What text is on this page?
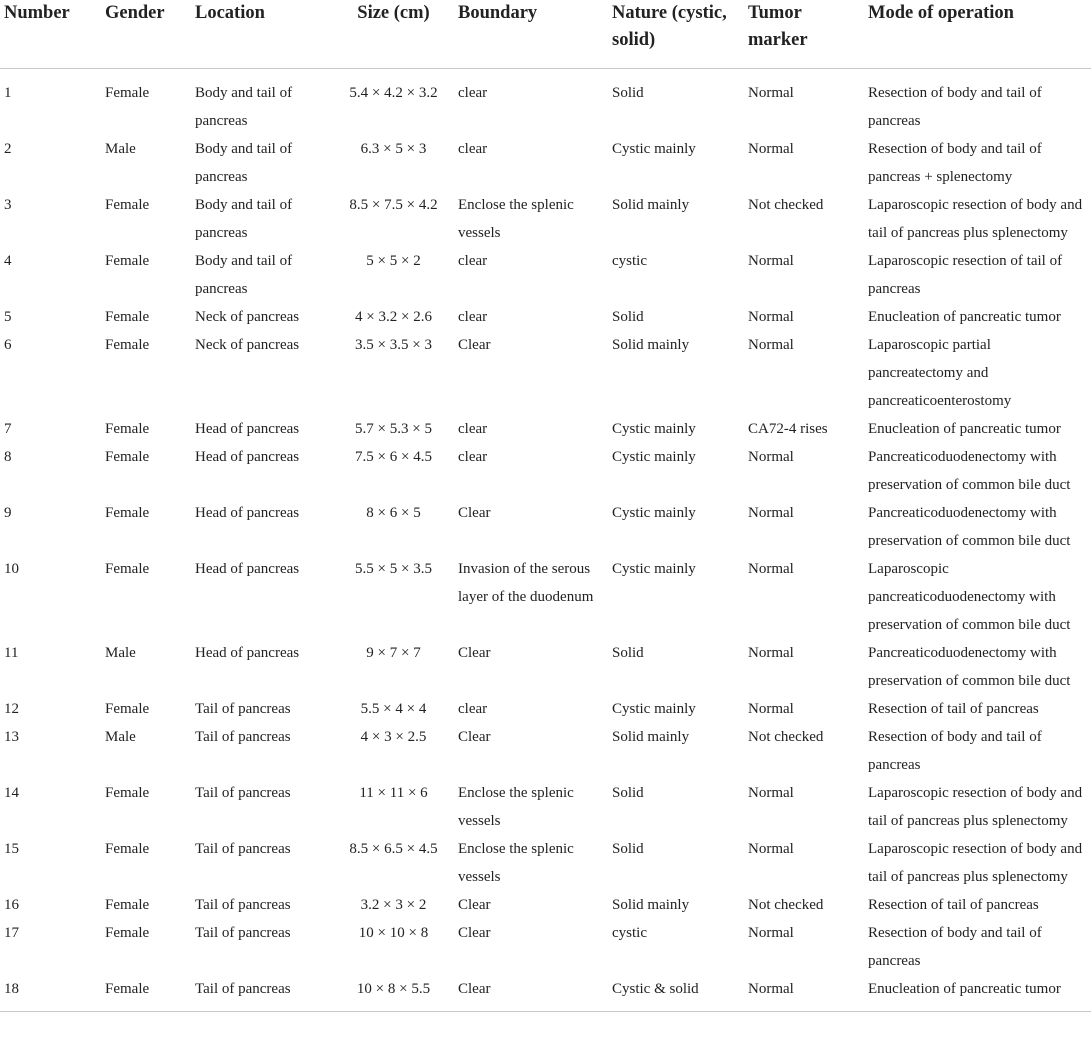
Number	Gender	Location	Size (cm)	Boundary	Nature (cystic, solid)	Tumor marker	Mode of operation
1	Female	Body and tail of pancreas	5.4 × 4.2 × 3.2	clear	Solid	Normal	Resection of body and tail of pancreas
2	Male	Body and tail of pancreas	6.3 × 5 × 3	clear	Cystic mainly	Normal	Resection of body and tail of pancreas + splenectomy
3	Female	Body and tail of pancreas	8.5 × 7.5 × 4.2	Enclose the splenic vessels	Solid mainly	Not checked	Laparoscopic resection of body and tail of pancreas plus splenectomy
4	Female	Body and tail of pancreas	5 × 5 × 2	clear	cystic	Normal	Laparoscopic resection of tail of pancreas
5	Female	Neck of pancreas	4 × 3.2 × 2.6	clear	Solid	Normal	Enucleation of pancreatic tumor
6	Female	Neck of pancreas	3.5 × 3.5 × 3	Clear	Solid mainly	Normal	Laparoscopic partial pancreatectomy and pancreaticoenterostomy
7	Female	Head of pancreas	5.7 × 5.3 × 5	clear	Cystic mainly	CA72-4 rises	Enucleation of pancreatic tumor
8	Female	Head of pancreas	7.5 × 6 × 4.5	clear	Cystic mainly	Normal	Pancreaticoduodenectomy with preservation of common bile duct
9	Female	Head of pancreas	8 × 6 × 5	Clear	Cystic mainly	Normal	Pancreaticoduodenectomy with preservation of common bile duct
10	Female	Head of pancreas	5.5 × 5 × 3.5	Invasion of the serous layer of the duodenum	Cystic mainly	Normal	Laparoscopic pancreaticoduodenectomy with preservation of common bile duct
11	Male	Head of pancreas	9 × 7 × 7	Clear	Solid	Normal	Pancreaticoduodenectomy with preservation of common bile duct
12	Female	Tail of pancreas	5.5 × 4 × 4	clear	Cystic mainly	Normal	Resection of tail of pancreas
13	Male	Tail of pancreas	4 × 3 × 2.5	Clear	Solid mainly	Not checked	Resection of body and tail of pancreas
14	Female	Tail of pancreas	11 × 11 × 6	Enclose the splenic vessels	Solid	Normal	Laparoscopic resection of body and tail of pancreas plus splenectomy
15	Female	Tail of pancreas	8.5 × 6.5 × 4.5	Enclose the splenic vessels	Solid	Normal	Laparoscopic resection of body and tail of pancreas plus splenectomy
16	Female	Tail of pancreas	3.2 × 3 × 2	Clear	Solid mainly	Not checked	Resection of tail of pancreas
17	Female	Tail of pancreas	10 × 10 × 8	Clear	cystic	Normal	Resection of body and tail of pancreas
18	Female	Tail of pancreas	10 × 8 × 5.5	Clear	Cystic & solid	Normal	Enucleation of pancreatic tumor
